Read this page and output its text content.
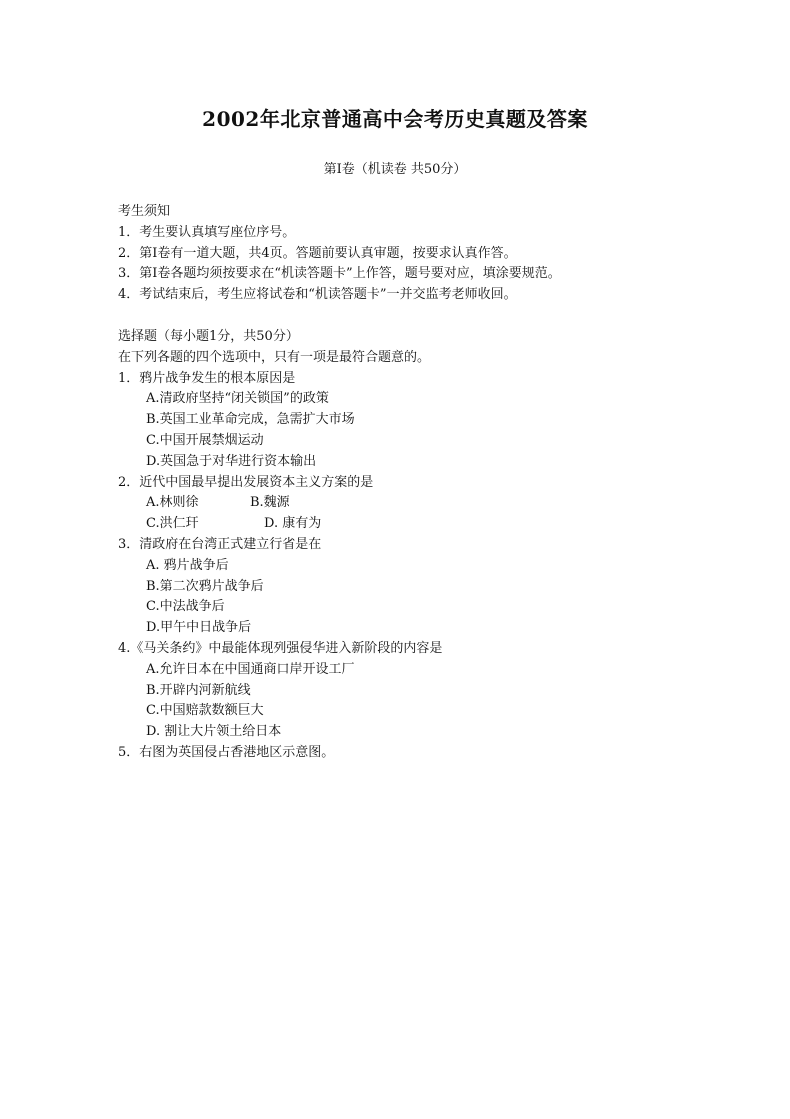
2002年北京普通高中会考历史真题及答案
第Ⅰ卷（机读卷 共50分）
考生须知
1．考生要认真填写座位序号。
2．第Ⅰ卷有一道大题，共4页。答题前要认真审题，按要求认真作答。
3．第Ⅰ卷各题均须按要求在“机读答题卡”上作答，题号要对应，填涂要规范。
4．考试结束后，考生应将试卷和“机读答题卡”一并交监考老师收回。
选择题（每小题1分，共50分）
在下列各题的四个选项中，只有一项是最符合题意的。
1．鸦片战争发生的根本原因是
A.清政府坚持“闭关锁国”的政策
B.英国工业革命完成，急需扩大市场
C.中国开展禁烟运动
D.英国急于对华进行资本输出
2．近代中国最早提出发展资本主义方案的是
A.林则徐	B.魏源
C.洪仁玕	D. 康有为
3．清政府在台湾正式建立行省是在
A. 鸦片战争后
B.第二次鸦片战争后
C.中法战争后
D.甲午中日战争后
4.《马关条约》中最能体现列强侵华进入新阶段的内容是
A.允许日本在中国通商口岸开设工厂
B.开辟内河新航线
C.中国赔款数额巨大
D. 割让大片领土给日本
5．右图为英国侵占香港地区示意图。
